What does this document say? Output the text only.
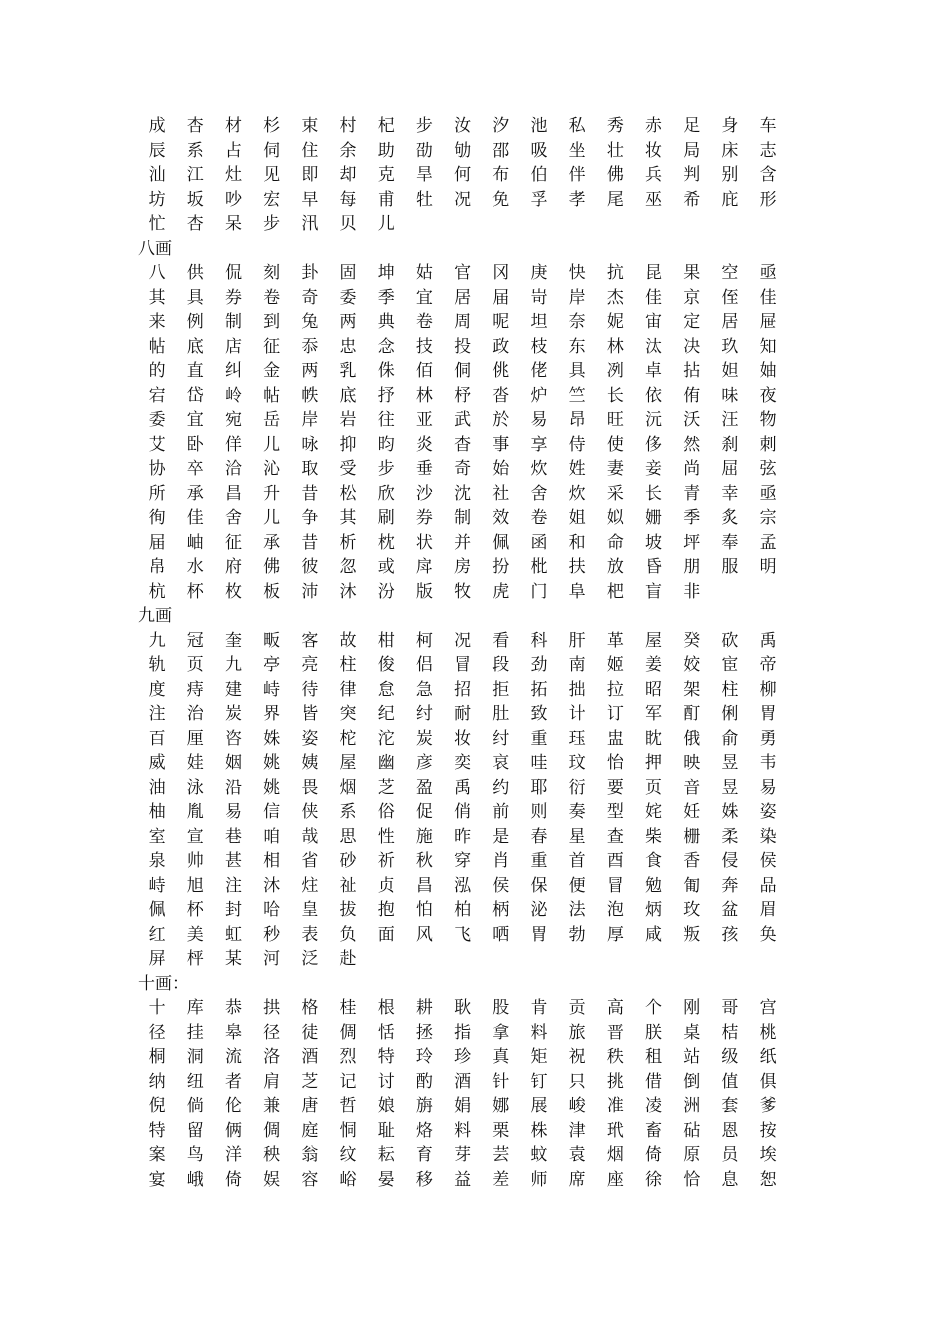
成	杏	材	杉	束	村	杞	步	汝	汐	池	私	秀	赤	足	身	车
辰	系	占	伺	住	余	助	劭	劬	邵	吸	坐	壮	妆	局	床	志
汕	江	灶	见	即	却	克	旱	何	布	伯	伴	佛	兵	判	别	含
坊	坂	吵	宏	早	每	甫	牡	况	免	孚	孝	尾	巫	希	庇	形
忙	杏	呆	步	汛	贝	儿
八画
八	供	侃	刻	卦	固	坤	姑	官	冈	庚	快	抗	昆	果	空	亟
其	具	券	卷	奇	委	季	宜	居	届	岢	岸	杰	佳	京	侄	佳
来	例	制	到	兔	两	典	卷	周	呢	坦	奈	妮	宙	定	居	屉
帖	底	店	征	忝	忠	念	技	投	政	枝	东	林	汰	决	玖	知
的	直	纠	金	两	乳	侏	佰	侗	佻	佬	具	冽	卓	拈	妲	妯
宕	岱	岭	帖	帙	底	抒	林	杼	沓	炉	竺	长	依	侑	味	夜
委	宜	宛	岳	岸	岩	往	亚	武	於	易	昂	旺	沅	沃	汪	物
艾	卧	佯	儿	咏	抑	昀	炎	杳	事	享	侍	使	侈	然	刹	刺
协	卒	洽	沁	取	受	步	垂	奇	始	炊	姓	妻	妾	尚	屈	弦
所	承	昌	升	昔	松	欣	沙	沈	社	舍	炊	采	长	青	幸	亟
徇	佳	舍	儿	争	其	刷	券	制	效	卷	姐	姒	姗	季	炙	宗
届	岫	征	承	昔	析	枕	状	并	佩	函	和	命	坡	坪	奉	孟
帛	水	府	佛	彼	忽	或	戽	房	扮	枇	扶	放	昏	朋	服	明
杭	杯	枚	板	沛	沐	汾	版	牧	虎	门	阜	杷	盲	非
九画
九	冠	奎	畈	客	故	柑	柯	况	看	科	肝	革	屋	癸	砍	禹
轨	页	九	亭	亮	柱	俊	侣	冒	段	劲	南	姬	姜	姣	宦	帝
度	痔	建	峙	待	律	怠	急	招	拒	拓	拙	拉	昭	架	柱	柳
注	治	炭	界	皆	突	纪	纣	耐	肚	致	计	订	军	酊	俐	胃
百	厘	咨	姝	姿	柁	沱	炭	妆	纣	重	珏	盅	眈	俄	俞	勇
威	娃	姻	姚	姨	屋	幽	彦	奕	哀	哇	玟	怡	押	映	昱	韦
油	泳	沿	姚	畏	烟	芝	盈	禹	约	耶	衍	要	页	音	昱	易
柚	胤	易	信	侠	系	俗	促	俏	前	则	奏	型	姹	妊	姝	姿
室	宣	巷	咱	哉	思	性	施	昨	是	春	星	查	柴	栅	柔	染
泉	帅	甚	相	省	砂	祈	秋	穿	肖	重	首	酉	食	香	侵	侯
峙	旭	注	沐	炷	祉	贞	昌	泓	侯	保	便	冒	勉	匍	奔	品
佩	杯	封	哈	皇	拔	抱	怕	柏	柄	泌	法	泡	炳	玫	盆	眉
红	美	虹	秒	表	负	面	风	飞	哂	胃	勃	厚	咸	叛	孩	奂
屏	枰	某	河	泛	赴
十画：
十	库	恭	拱	格	桂	根	耕	耿	股	肯	贡	高	个	刚	哥	宫
径	挂	皋	径	徒	倜	恬	拯	指	拿	料	旅	晋	朕	桌	桔	桃
桐	洞	流	洛	酒	烈	特	玲	珍	真	矩	祝	秩	租	站	级	纸
纳	纽	者	肩	芝	记	讨	酌	酒	针	钉	只	挑	借	倒	值	俱
倪	倘	伦	兼	唐	哲	娘	旃	娟	娜	展	峻	准	凌	洲	套	爹
特	留	俩	倜	庭	恫	耻	烙	料	栗	株	津	玳	畜	砧	恩	按
案	鸟	洋	秧	翁	纹	耘	育	芽	芸	蚊	袁	烟	倚	原	员	埃
宴	峨	倚	娱	容	峪	晏	移	益	差	师	席	座	徐	恰	息	恕
